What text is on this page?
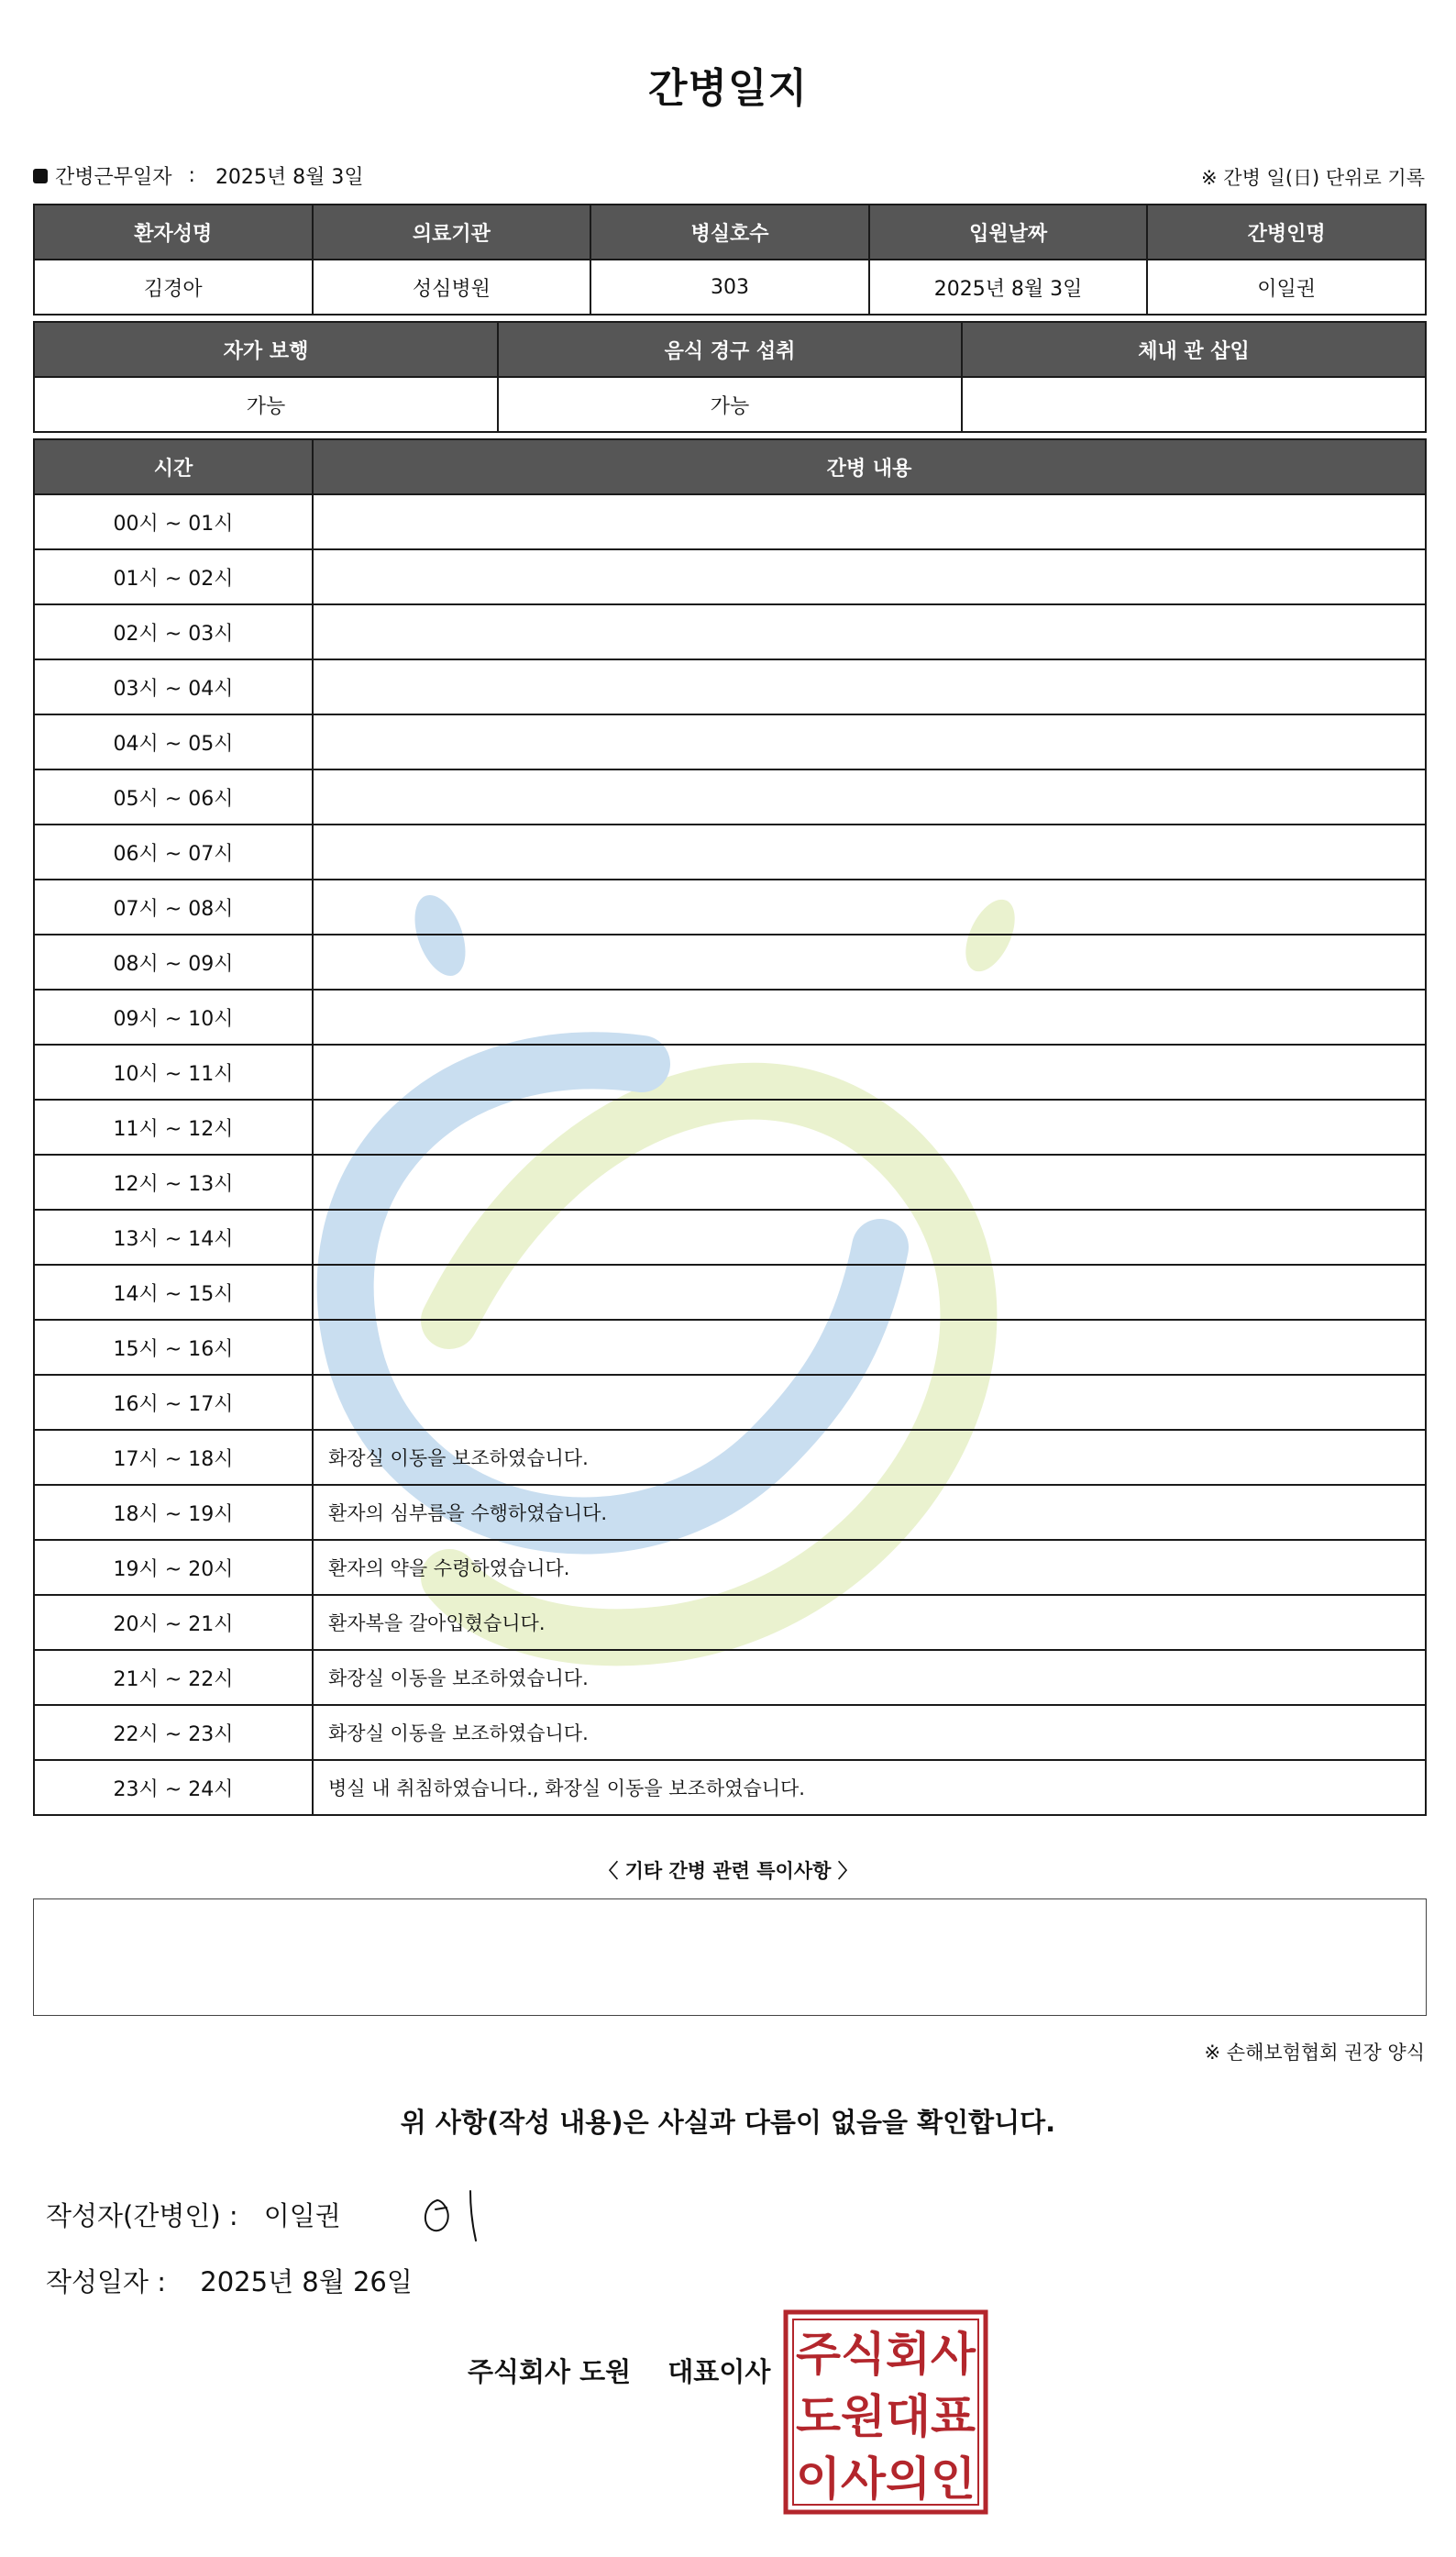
간병일지
간병근무일자 : 2025년 8월 3일	※ 간병 일(日) 단위로 기록
환자성명	의료기관	병실호수	입원날짜	간병인명
김경아	성심병원	303	2025년 8월 3일	이일권
자가 보행	음식 경구 섭취	체내 관 삽입
가능	가능	
시간	간병 내용
00시 ~ 01시	
01시 ~ 02시	
02시 ~ 03시	
03시 ~ 04시	
04시 ~ 05시	
05시 ~ 06시	
06시 ~ 07시	
07시 ~ 08시	
08시 ~ 09시	
09시 ~ 10시	
10시 ~ 11시	
11시 ~ 12시	
12시 ~ 13시	
13시 ~ 14시	
14시 ~ 15시	
15시 ~ 16시	
16시 ~ 17시	
17시 ~ 18시	화장실 이동을 보조하였습니다.
18시 ~ 19시	환자의 심부름을 수행하였습니다.
19시 ~ 20시	환자의 약을 수령하였습니다.
20시 ~ 21시	환자복을 갈아입혔습니다.
21시 ~ 22시	화장실 이동을 보조하였습니다.
22시 ~ 23시	화장실 이동을 보조하였습니다.
23시 ~ 24시	병실 내 취침하였습니다., 화장실 이동을 보조하였습니다.
〈 기타 간병 관련 특이사항 〉
※ 손해보험협회 권장 양식
위 사항(작성 내용)은 사실과 다름이 없음을 확인합니다.
작성자(간병인) : 이일권
작성일자 : 2025년 8월 26일
주식회사 도원 대표이사 주식회사
도원대표
이사의인
